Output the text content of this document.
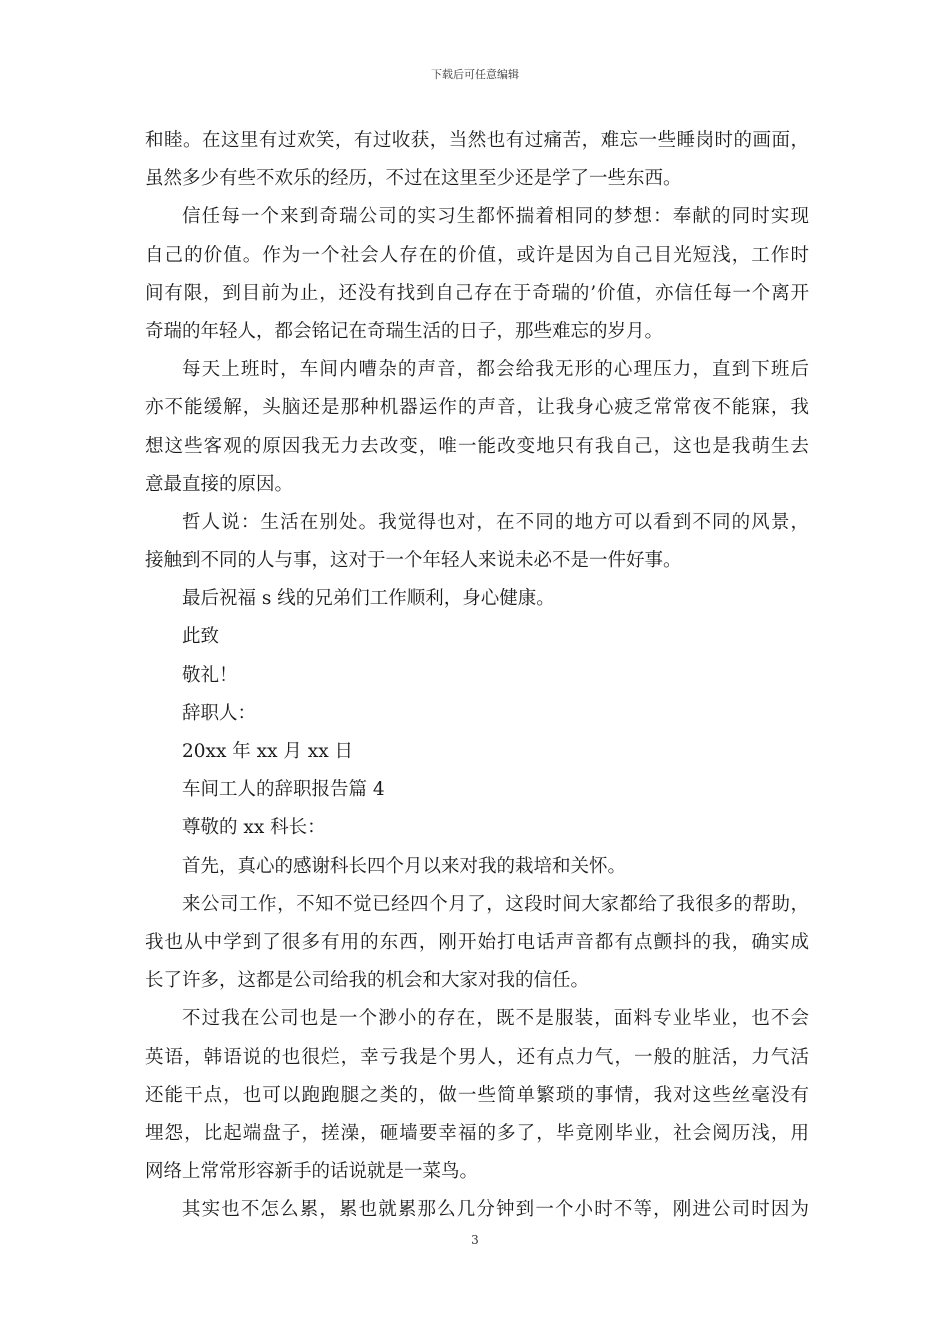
下载后可任意编辑
和睦。在这里有过欢笑，有过收获，当然也有过痛苦，难忘一些睡岗时的画面，
虽然多少有些不欢乐的经历，不过在这里至少还是学了一些东西。
信任每一个来到奇瑞公司的实习生都怀揣着相同的梦想：奉献的同时实现
自己的价值。作为一个社会人存在的价值，或许是因为自己目光短浅，工作时
间有限，到目前为止，还没有找到自己存在于奇瑞的’价值，亦信任每一个离开
奇瑞的年轻人，都会铭记在奇瑞生活的日子，那些难忘的岁月。
每天上班时，车间内嘈杂的声音，都会给我无形的心理压力，直到下班后
亦不能缓解，头脑还是那种机器运作的声音，让我身心疲乏常常夜不能寐，我
想这些客观的原因我无力去改变，唯一能改变地只有我自己，这也是我萌生去
意最直接的原因。
哲人说：生活在别处。我觉得也对，在不同的地方可以看到不同的风景，
接触到不同的人与事，这对于一个年轻人来说未必不是一件好事。
最后祝福 s 线的兄弟们工作顺利，身心健康。
此致
敬礼！
辞职人：
20xx 年 xx 月 xx 日
车间工人的辞职报告篇 4
尊敬的 xx 科长：
首先，真心的感谢科长四个月以来对我的栽培和关怀。
来公司工作，不知不觉已经四个月了，这段时间大家都给了我很多的帮助，
我也从中学到了很多有用的东西，刚开始打电话声音都有点颤抖的我，确实成
长了许多，这都是公司给我的机会和大家对我的信任。
不过我在公司也是一个渺小的存在，既不是服装，面料专业毕业，也不会
英语，韩语说的也很烂，幸亏我是个男人，还有点力气，一般的脏活，力气活
还能干点，也可以跑跑腿之类的，做一些简单繁琐的事情，我对这些丝毫没有
埋怨，比起端盘子，搓澡，砸墙要幸福的多了，毕竟刚毕业，社会阅历浅，用
网络上常常形容新手的话说就是一菜鸟。
其实也不怎么累，累也就累那么几分钟到一个小时不等，刚进公司时因为
3
